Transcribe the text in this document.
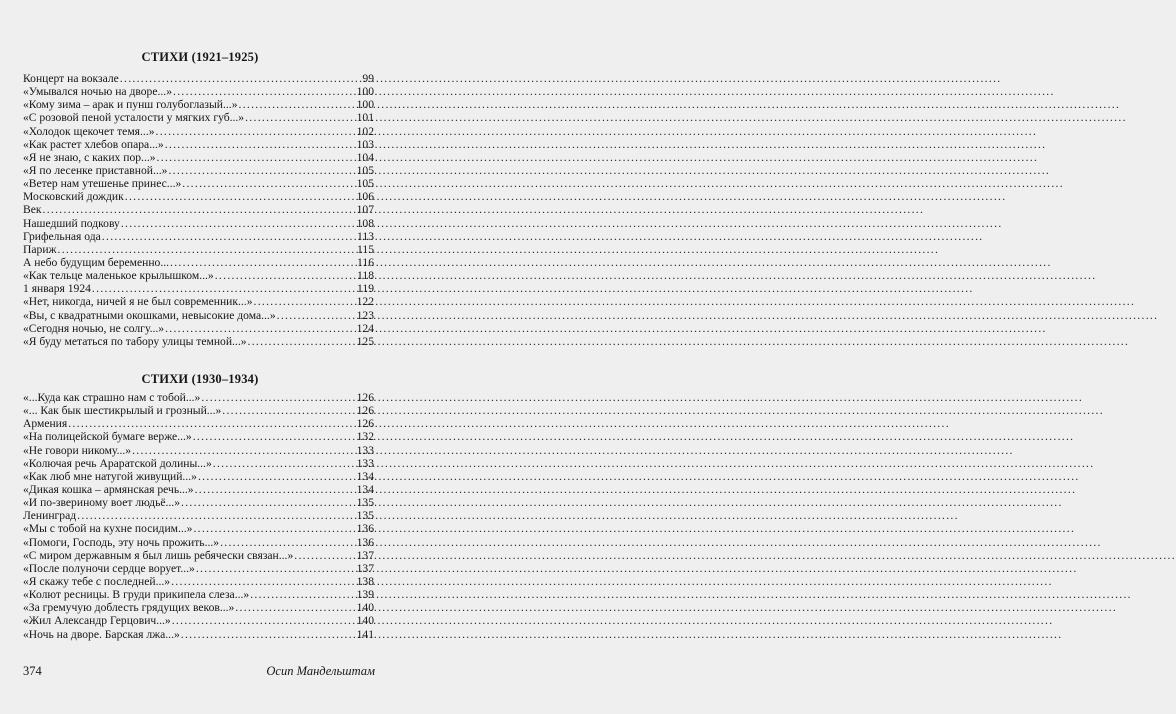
СТИХИ (1921–1925)
Концерт на вокзале .....	99
«Умывался ночью на дворе...» .....	100
«Кому зима – арак и пунш голубоглазый...» .....	100
«С розовой пеной усталости у мягких губ...» .....	101
«Холодок щекочет темя...» .....	102
«Как растет хлебов опара...» .....	103
«Я не знаю, с каких пор...» .....	104
«Я по лесенке приставной...» .....	105
«Ветер нам утешенье принес...» .....	105
Московский дождик .....	106
Век .....	107
Нашедший подкову .....	108
Грифельная ода .....	113
Париж .....	115
А небо будущим беременно... .....	116
«Как тельце маленькое крылышком...» .....	118
1 января 1924 .....	119
«Нет, никогда, ничей я не был современник...» .....	122
«Вы, с квадратными окошками, невысокие дома...» .....	123
«Сегодня ночью, не солгу...» .....	124
«Я буду метаться по табору улицы темной...» .....	125
СТИХИ (1930–1934)
«...Куда как страшно нам с тобой...» .....	126
«... Как бык шестикрылый и грозный...» .....	126
Армения .....	126
«На полицейской бумаге верже...» .....	132
«Не говори никому...» .....	133
«Колючая речь Араратской долины...» .....	133
«Как люб мне натугой живущий...» .....	134
«Дикая кошка – армянская речь...» .....	134
«И по-звериному воет людьё...» .....	135
Ленинград .....	135
«Мы с тобой на кухне посидим...» .....	136
«Помоги, Господь, эту ночь прожить...» .....	136
«С миром державным я был лишь ребячески связан...» .....	137
«После полуночи сердце ворует...» .....	137
«Я скажу тебе с последней...» .....	138
«Колют ресницы. В груди прикипела слеза...» .....	139
«За гремучую доблесть грядущих веков...» .....	140
«Жил Александр Герцович...» .....	140
«Ночь на дворе. Барская лжа...» .....	141
374	Осип Мандельштам
